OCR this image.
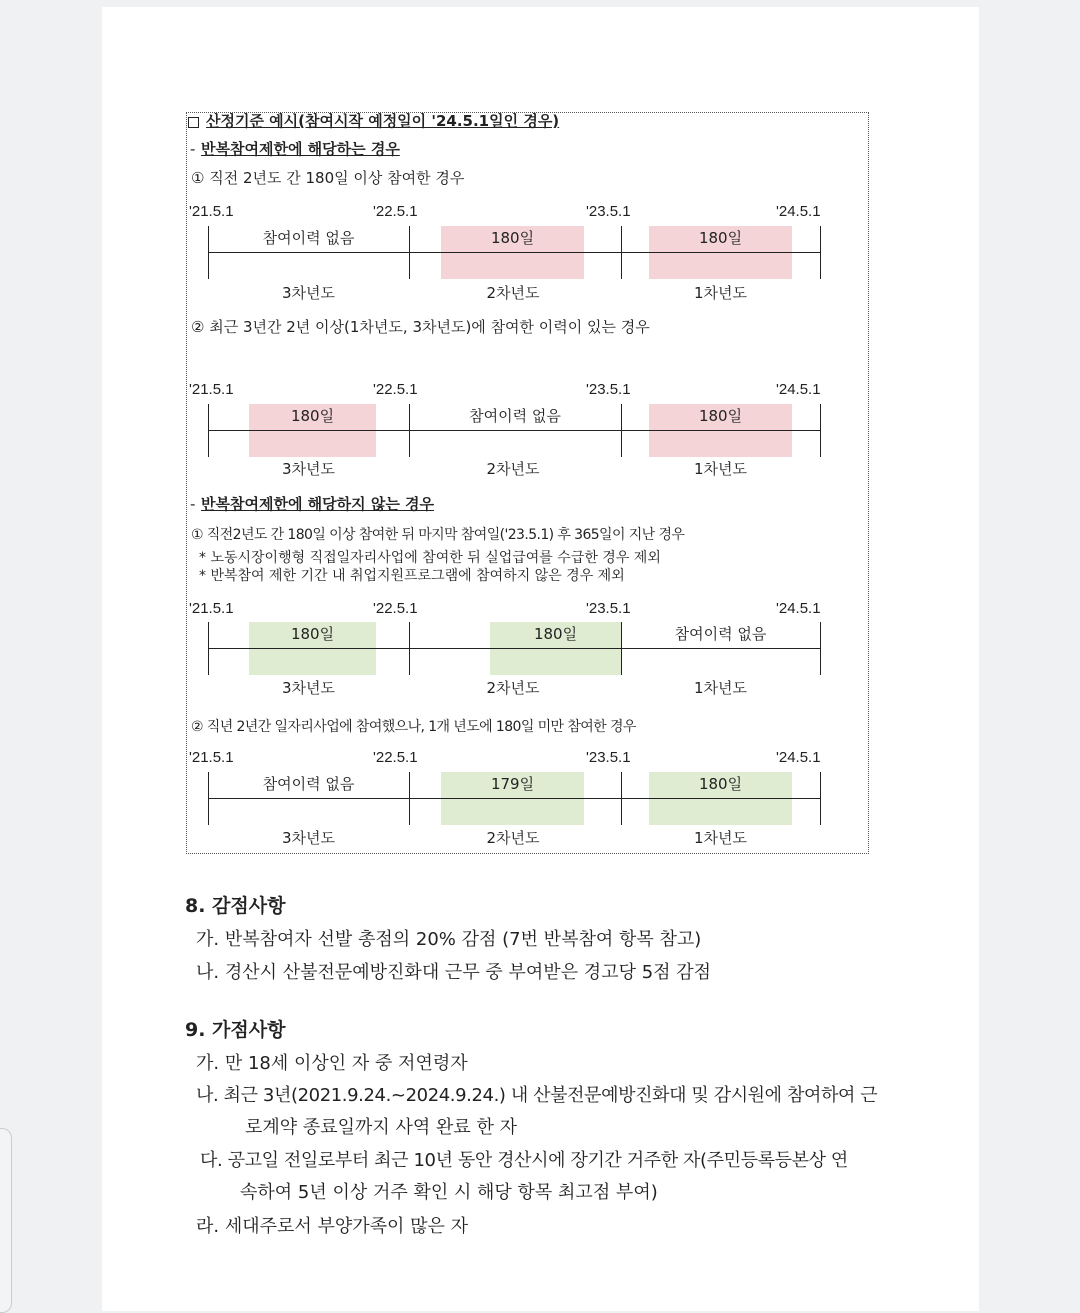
산정기준 예시(참여시작 예정일이 '24.5.1일인 경우)
- 반복참여제한에 해당하는 경우
① 직전 2년도 간 180일 이상 참여한 경우
'21.5.1	'22.5.1	'23.5.1	'24.5.1
참여이력 없음	180일	180일
3차년도	2차년도	1차년도
② 최근 3년간 2년 이상(1차년도, 3차년도)에 참여한 이력이 있는 경우
'21.5.1	'22.5.1	'23.5.1	'24.5.1
180일	참여이력 없음	180일
3차년도	2차년도	1차년도
- 반복참여제한에 해당하지 않는 경우
① 직전2년도 간 180일 이상 참여한 뒤 마지막 참여일('23.5.1) 후 365일이 지난 경우
* 노동시장이행형 직접일자리사업에 참여한 뒤 실업급여를 수급한 경우 제외
* 반복참여 제한 기간 내 취업지원프로그램에 참여하지 않은 경우 제외
'21.5.1	'22.5.1	'23.5.1	'24.5.1
180일	180일	참여이력 없음
3차년도	2차년도	1차년도
② 직년 2년간 일자리사업에 참여했으나, 1개 년도에 180일 미만 참여한 경우
'21.5.1	'22.5.1	'23.5.1	'24.5.1
참여이력 없음	179일	180일
3차년도	2차년도	1차년도
8. 감점사항
가. 반복참여자 선발 총점의 20% 감점 (7번 반복참여 항목 참고)
나. 경산시 산불전문예방진화대 근무 중 부여받은 경고당 5점 감점
9. 가점사항
가. 만 18세 이상인 자 중 저연령자
나. 최근 3년(2021.9.24.~2024.9.24.) 내 산불전문예방진화대 및 감시원에 참여하여 근
로계약 종료일까지 사역 완료 한 자
다. 공고일 전일로부터 최근 10년 동안 경산시에 장기간 거주한 자(주민등록등본상 연
속하여 5년 이상 거주 확인 시 해당 항목 최고점 부여)
라. 세대주로서 부양가족이 많은 자
